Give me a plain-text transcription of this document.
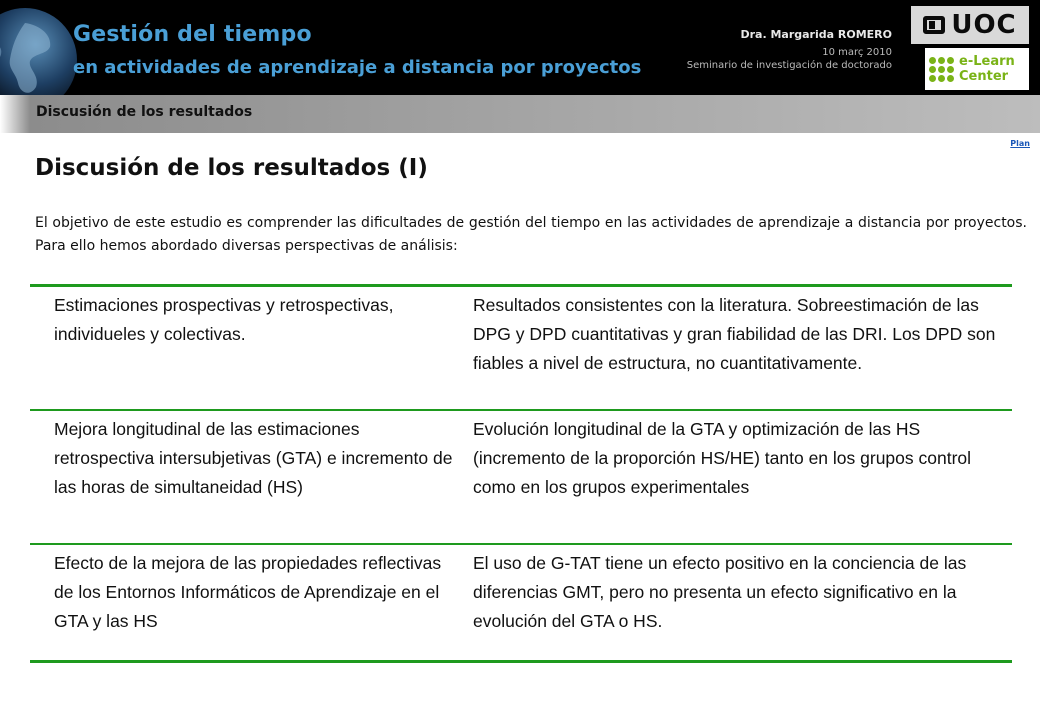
Gestión del tiempo
en actividades de aprendizaje a distancia por proyectos
Dra. Margarida ROMERO
10 març 2010
Seminario de investigación de doctorado
UOC
e-Learn
Center
Discusión de los resultados
Plan
Discusión de los resultados (I)
El objetivo de este estudio es comprender las dificultades de gestión del tiempo en las actividades de aprendizaje a distancia por proyectos. Para ello hemos abordado diversas perspectivas de análisis:
Estimaciones prospectivas y retrospectivas, individueles y colectivas.
Resultados consistentes con la literatura. Sobreestimación de las DPG y DPD cuantitativas y gran fiabilidad de las DRI. Los DPD son fiables a nivel de estructura, no cuantitativamente.
Mejora longitudinal de las estimaciones retrospectiva intersubjetivas (GTA) e incremento de las horas de simultaneidad (HS)
Evolución longitudinal de la GTA y optimización de las HS (incremento de la proporción HS/HE) tanto en los grupos control como en los grupos experimentales
Efecto de la mejora de las propiedades reflectivas de los Entornos Informáticos de Aprendizaje en el GTA y las HS
El uso de G-TAT tiene un efecto positivo en la conciencia de las diferencias GMT, pero no presenta un efecto significativo en la evolución del GTA o HS.
